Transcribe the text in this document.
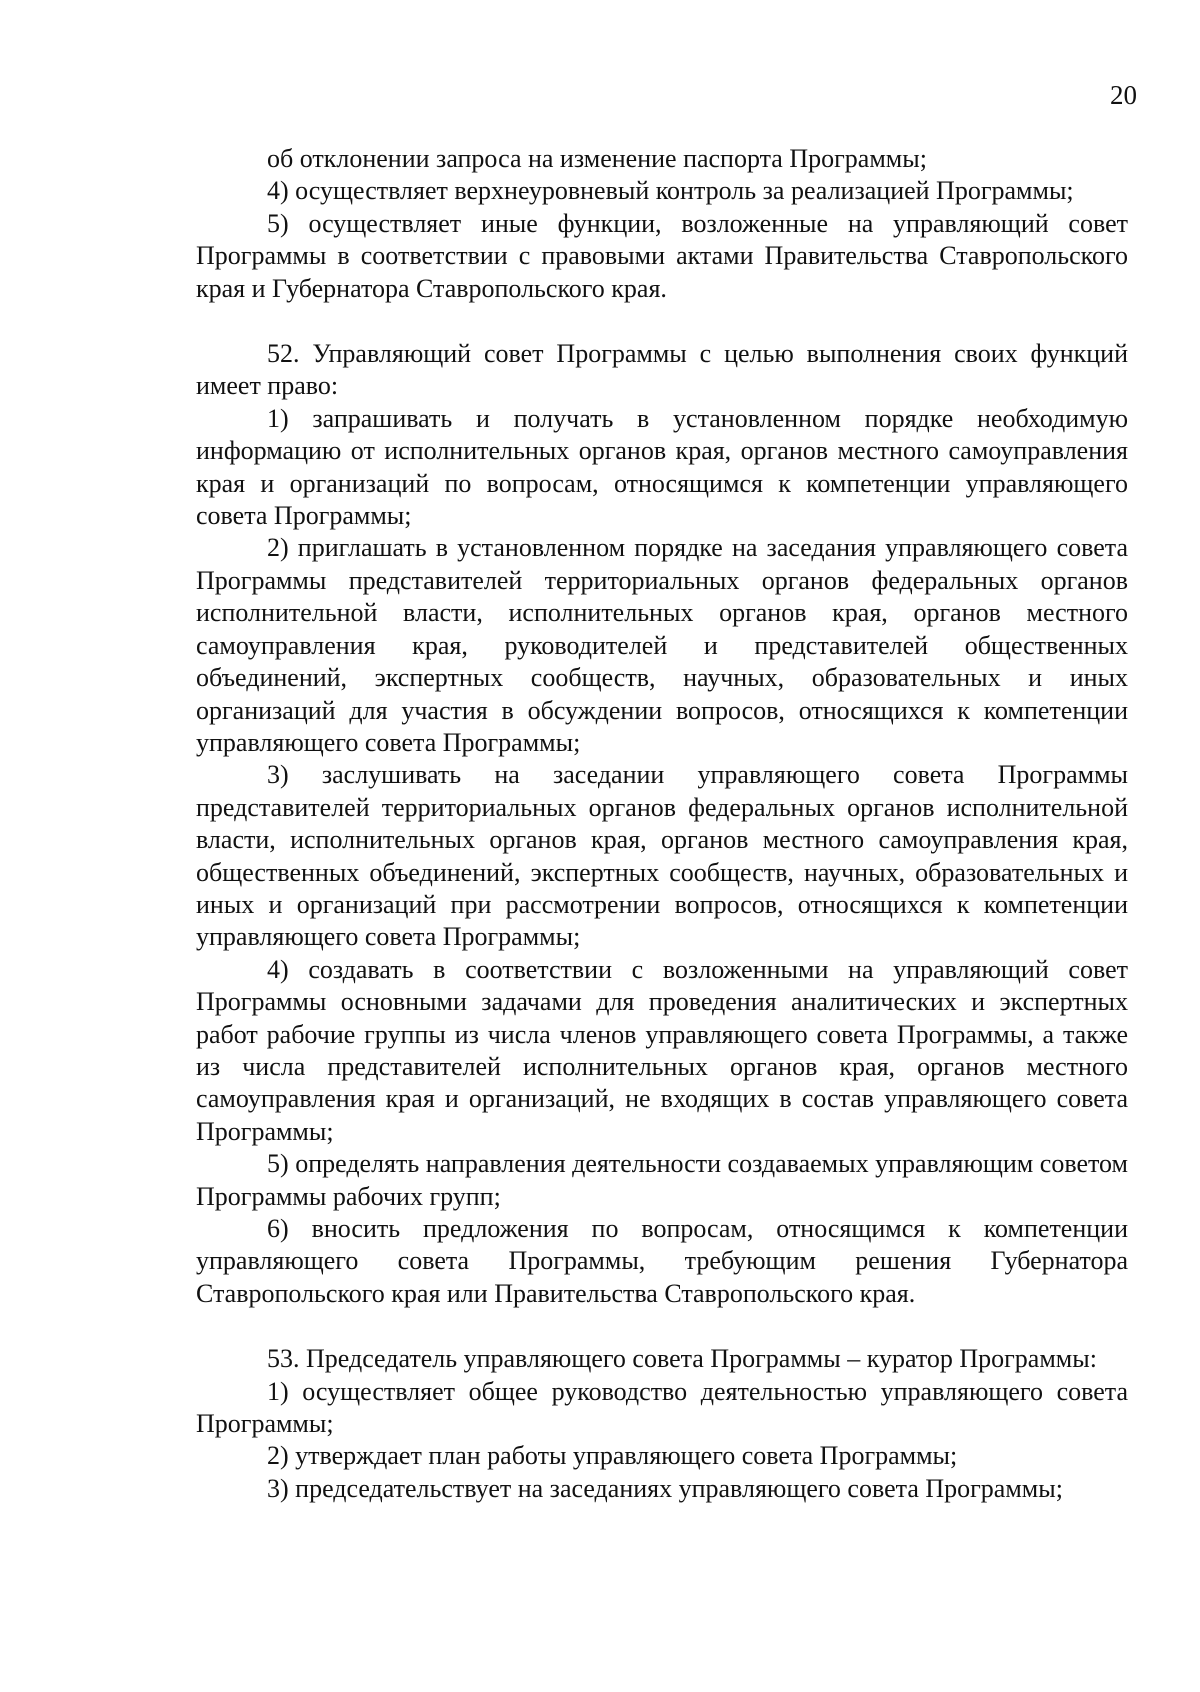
20

об отклонении запроса на изменение паспорта Программы;

4) осуществляет верхнеуровневый контроль за реализацией Программы;

5) осуществляет иные функции, возложенные на управляющий совет Программы в соответствии с правовыми актами Правительства Ставропольского края и Губернатора Ставропольского края.

52. Управляющий совет Программы с целью выполнения своих функций имеет право:

1) запрашивать и получать в установленном порядке необходимую информацию от исполнительных органов края, органов местного самоуправления края и организаций по вопросам, относящимся к компетенции управляющего совета Программы;

2) приглашать в установленном порядке на заседания управляющего совета Программы представителей территориальных органов федеральных органов исполнительной власти, исполнительных органов края, органов местного самоуправления края, руководителей и представителей общественных объединений, экспертных сообществ, научных, образовательных и иных организаций для участия в обсуждении вопросов, относящихся к компетенции управляющего совета Программы;

3) заслушивать на заседании управляющего совета Программы представителей территориальных органов федеральных органов исполнительной власти, исполнительных органов края, органов местного самоуправления края, общественных объединений, экспертных сообществ, научных, образовательных и иных и организаций при рассмотрении вопросов, относящихся к компетенции управляющего совета Программы;

4) создавать в соответствии с возложенными на управляющий совет Программы основными задачами для проведения аналитических и экспертных работ рабочие группы из числа членов управляющего совета Программы, а также из числа представителей исполнительных органов края, органов местного самоуправления края и организаций, не входящих в состав управляющего совета Программы;

5) определять направления деятельности создаваемых управляющим советом Программы рабочих групп;

6) вносить предложения по вопросам, относящимся к компетенции управляющего совета Программы, требующим решения Губернатора Ставропольского края или Правительства Ставропольского края.

53. Председатель управляющего совета Программы – куратор Программы:

1) осуществляет общее руководство деятельностью управляющего совета Программы;

2) утверждает план работы управляющего совета Программы;

3) председательствует на заседаниях управляющего совета Программы;
